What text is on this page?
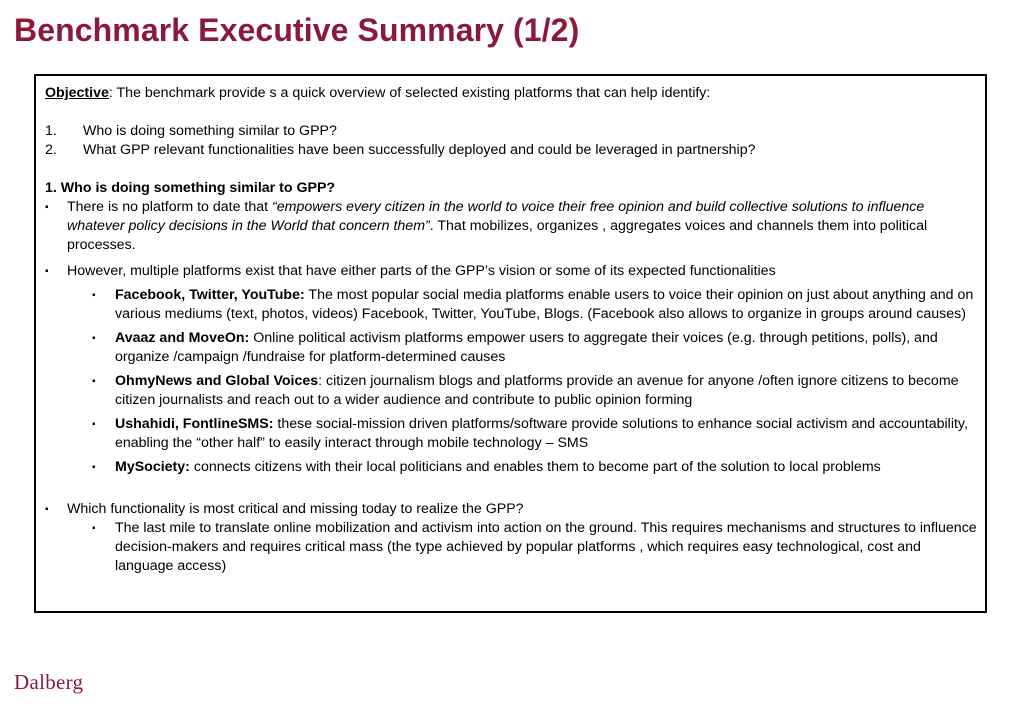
Benchmark Executive Summary (1/2)

Objective: The benchmark provide s a quick overview of selected existing platforms that can help identify:

1.	Who is doing something similar to GPP?
2.	What GPP relevant functionalities have been successfully deployed and could be leveraged in partnership?

1. Who is doing something similar to GPP?

▪	There is no platform to date that “empowers every citizen in the world to voice their free opinion and build collective solutions to influence whatever policy decisions in the World that concern them”. That mobilizes, organizes , aggregates voices and channels them into political processes.
▪	However, multiple platforms exist that have either parts of the GPP’s vision or some of its expected functionalities
▪	Facebook, Twitter, YouTube: The most popular social media platforms enable users to voice their opinion on just about anything and on various mediums (text, photos, videos) Facebook, Twitter, YouTube, Blogs. (Facebook also allows to organize in groups around causes)
▪	Avaaz and MoveOn: Online political activism platforms empower users to aggregate their voices (e.g. through petitions, polls), and organize /campaign /fundraise for platform-determined causes
▪	OhmyNews and Global Voices: citizen journalism blogs and platforms provide an avenue for anyone /often ignore citizens to become citizen journalists and reach out to a wider audience and contribute to public opinion forming
▪	Ushahidi, FontlineSMS: these social-mission driven platforms/software provide solutions to enhance social activism and accountability, enabling the “other half” to easily interact through mobile technology – SMS
▪	MySociety: connects citizens with their local politicians and enables them to become part of the solution to local problems
▪	Which functionality is most critical and missing today to realize the GPP?
▪	The last mile to translate online mobilization and activism into action on the ground. This requires mechanisms and structures to influence decision-makers and requires critical mass (the type achieved by popular platforms , which requires easy technological, cost and language access)
Dalberg
